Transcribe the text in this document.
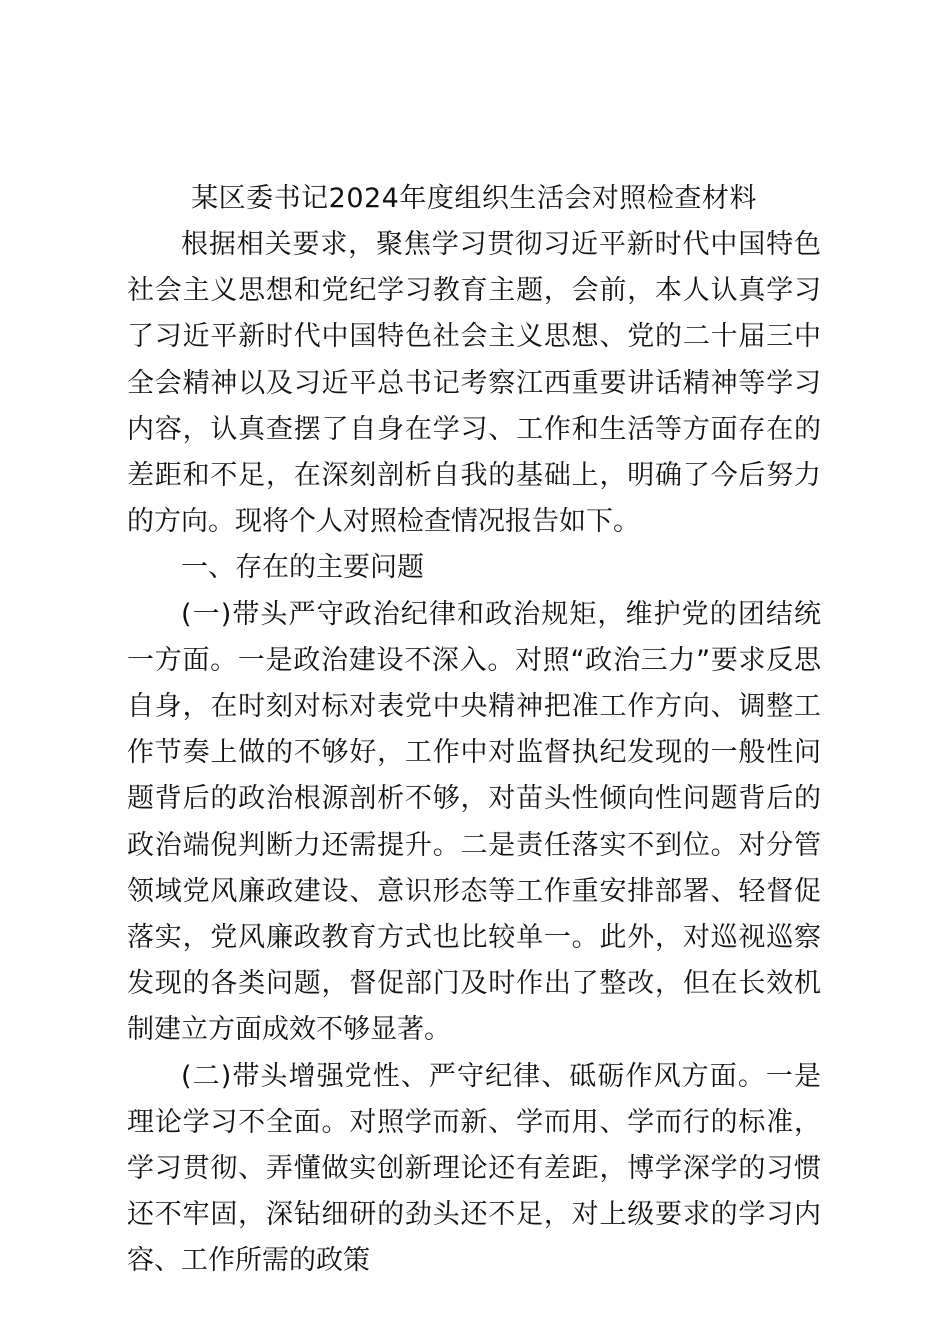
某区委书记2024年度组织生活会对照检查材料

根据相关要求，聚焦学习贯彻习近平新时代中国特色社会主义思想和党纪学习教育主题，会前，本人认真学习了习近平新时代中国特色社会主义思想、党的二十届三中全会精神以及习近平总书记考察江西重要讲话精神等学习内容，认真查摆了自身在学习、工作和生活等方面存在的差距和不足，在深刻剖析自我的基础上，明确了今后努力的方向。现将个人对照检查情况报告如下。

一、存在的主要问题

(一)带头严守政治纪律和政治规矩，维护党的团结统一方面。一是政治建设不深入。对照“政治三力”要求反思自身，在时刻对标对表党中央精神把准工作方向、调整工作节奏上做的不够好，工作中对监督执纪发现的一般性问题背后的政治根源剖析不够，对苗头性倾向性问题背后的政治端倪判断力还需提升。二是责任落实不到位。对分管领域党风廉政建设、意识形态等工作重安排部署、轻督促落实，党风廉政教育方式也比较单一。此外，对巡视巡察发现的各类问题，督促部门及时作出了整改，但在长效机制建立方面成效不够显著。

(二)带头增强党性、严守纪律、砥砺作风方面。一是理论学习不全面。对照学而新、学而用、学而行的标准，学习贯彻、弄懂做实创新理论还有差距，博学深学的习惯还不牢固，深钻细研的劲头还不足，对上级要求的学习内容、工作所需的政策
